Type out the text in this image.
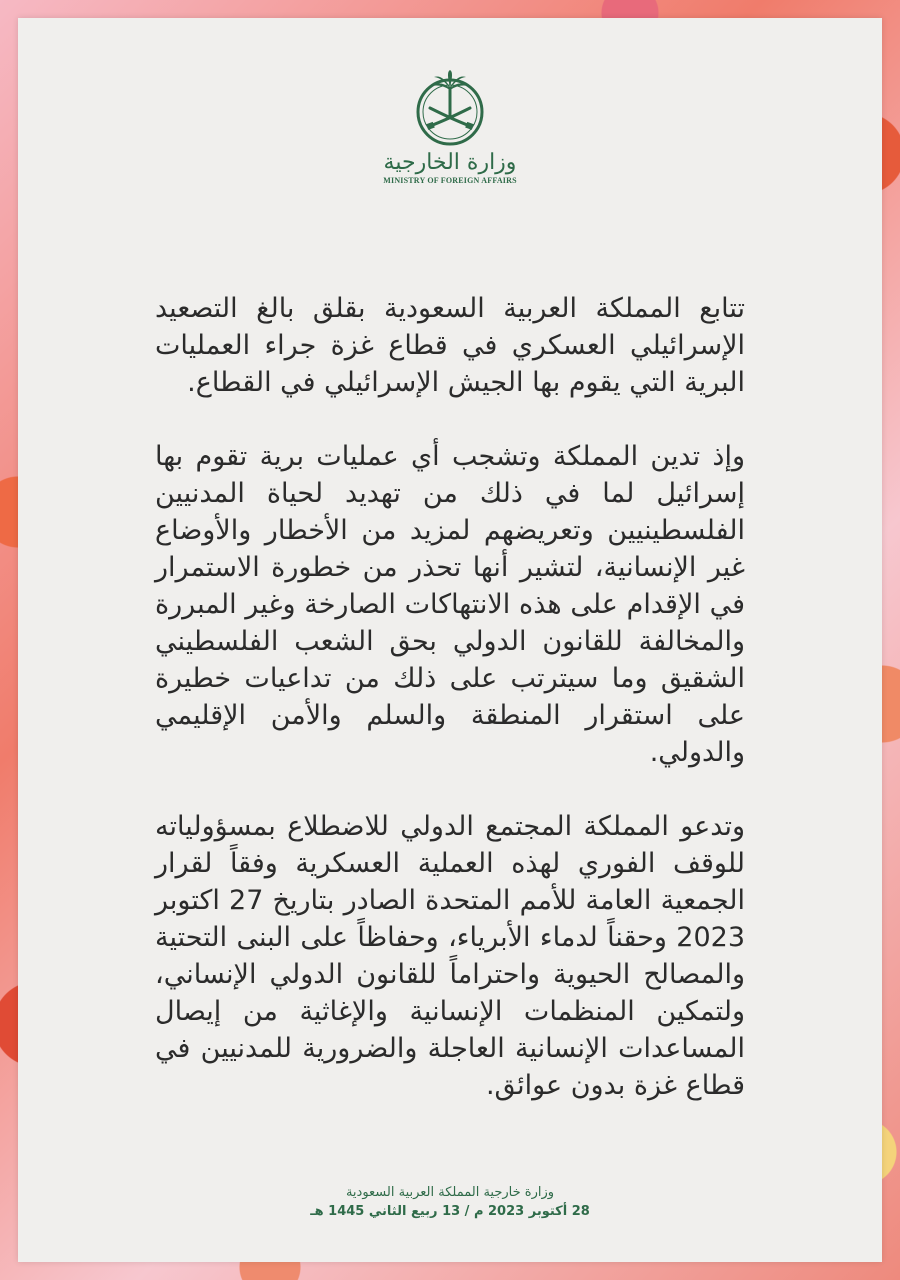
وزارة الخارجية
MINISTRY OF FOREIGN AFFAIRS

تتابع المملكة العربية السعودية بقلق بالغ التصعيد الإسرائيلي العسكري في قطاع غزة جراء العمليات البرية التي يقوم بها الجيش الإسرائيلي في القطاع.

وإذ تدين المملكة وتشجب أي عمليات برية تقوم بها إسرائيل لما في ذلك من تهديد لحياة المدنيين الفلسطينيين وتعريضهم لمزيد من الأخطار والأوضاع غير الإنسانية، لتشير أنها تحذر من خطورة الاستمرار في الإقدام على هذه الانتهاكات الصارخة وغير المبررة والمخالفة للقانون الدولي بحق الشعب الفلسطيني الشقيق وما سيترتب على ذلك من تداعيات خطيرة على استقرار المنطقة والسلم والأمن الإقليمي والدولي.

وتدعو المملكة المجتمع الدولي للاضطلاع بمسؤولياته للوقف الفوري لهذه العملية العسكرية وفقاً لقرار الجمعية العامة للأمم المتحدة الصادر بتاريخ 27 اكتوبر 2023 وحقناً لدماء الأبرياء، وحفاظاً على البنى التحتية والمصالح الحيوية واحتراماً للقانون الدولي الإنساني، ولتمكين المنظمات الإنسانية والإغاثية من إيصال المساعدات الإنسانية العاجلة والضرورية للمدنيين في قطاع غزة بدون عوائق.

وزارة خارجية المملكة العربية السعودية
28 أكتوبر 2023 م / 13 ربيع الثاني 1445 هـ
